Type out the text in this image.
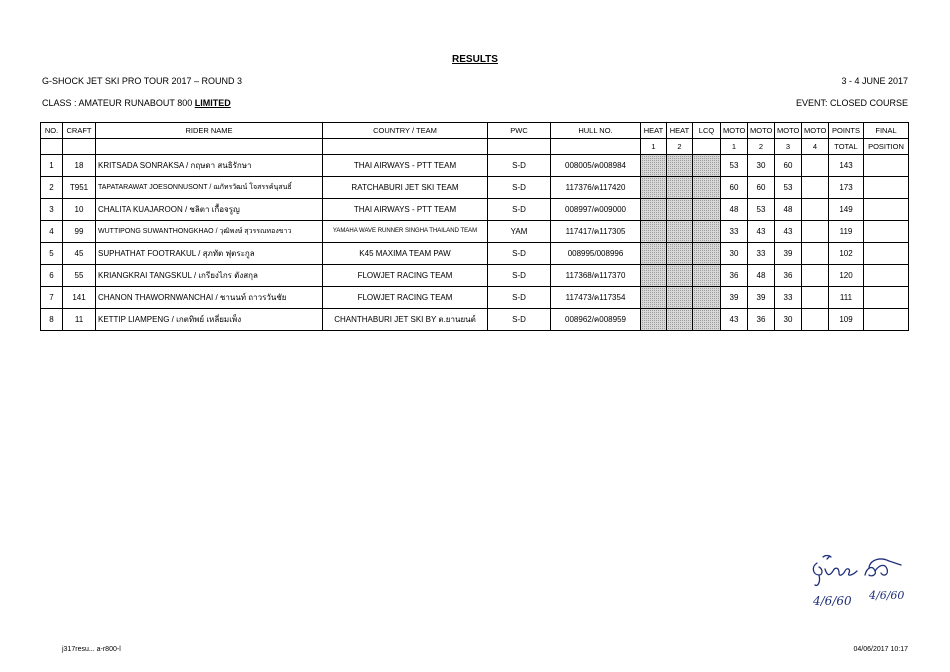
RESULTS
G-SHOCK JET SKI PRO TOUR 2017 – ROUND 3	3 - 4 JUNE 2017
CLASS : AMATEUR RUNABOUT 800 LIMITED	EVENT: CLOSED COURSE
NO.	CRAFT	RIDER NAME	COUNTRY / TEAM	PWC	HULL NO.	HEAT	HEAT	LCQ	MOTO	MOTO	MOTO	MOTO	POINTS	FINAL
						1	2		1	2	3	4	TOTAL	POSITION
1	18	KRITSADA SONRAKSA / กฤษดา สนธิรักษา	THAI AIRWAYS - PTT TEAM	S-D	008005/ค008984				53	30	60		143	
2	T951	TAPATARAWAT JOESONNUSONT / ฌภัทรวัฒน์ โจสรรค์นุสนธิ์	RATCHABURI JET SKI TEAM	S-D	117376/ค117420				60	60	53		173	
3	10	CHALITA KUAJAROON / ชลิตา เกื้อจรูญ	THAI AIRWAYS - PTT TEAM	S-D	008997/ค009000				48	53	48		149	
4	99	WUTTIPONG SUWANTHONGKHAO / วุฒิพงษ์ สุวรรณทองขาว	YAMAHA WAVE RUNNER SINGHA THAILAND TEAM	YAM	117417/ค117305				33	43	43		119	
5	45	SUPHATHAT FOOTRAKUL / สุภทัต ฟุตระกูล	K45 MAXIMA TEAM PAW	S-D	008995/008996				30	33	39		102	
6	55	KRIANGKRAI TANGSKUL / เกรียงไกร ตังสกุล	FLOWJET RACING TEAM	S-D	117368/ค117370				36	48	36		120	
7	141	CHANON THAWORNWANCHAI / ชานนท์ ถาวรวันชัย	FLOWJET RACING TEAM	S-D	117473/ค117354				39	39	33		111	
8	11	KETTIP LIAMPENG / เกตทิพย์ เหลี่ยมเพ็ง	CHANTHABURI JET SKI BY ต.ยานยนต์	S-D	008962/ค008959				43	36	30		109	
4/6/60 4/6/60
j317resu... a-r800-l	04/06/2017 10:17
